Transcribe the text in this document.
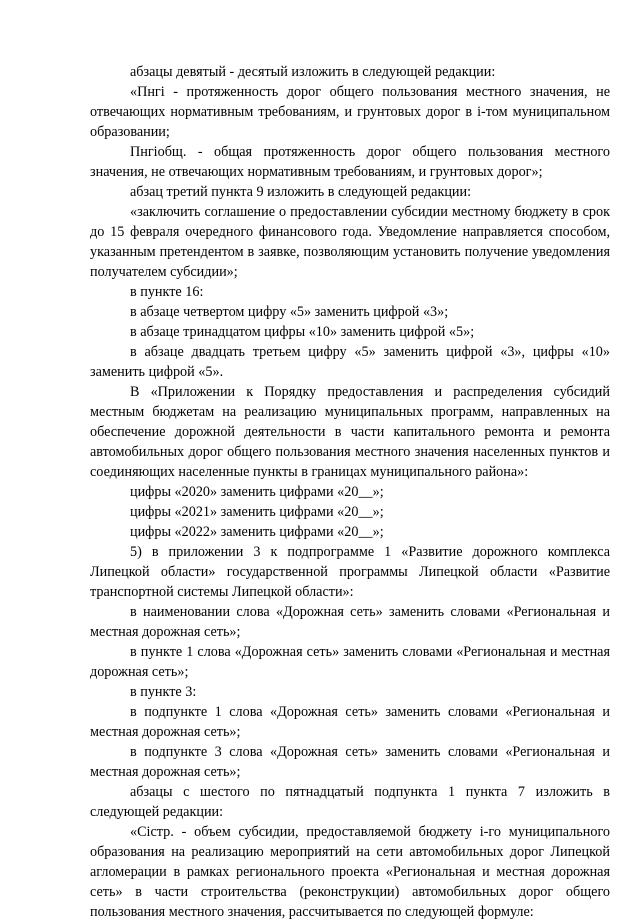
абзацы девятый - десятый изложить в следующей редакции:

«Пнгi - протяженность дорог общего пользования местного значения, не отвечающих нормативным требованиям, и грунтовых дорог в i-том муниципальном образовании;

Пнгiобщ. - общая протяженность дорог общего пользования местного значения, не отвечающих нормативным требованиям, и грунтовых дорог»;

абзац третий пункта 9 изложить в следующей редакции:

«заключить соглашение о предоставлении субсидии местному бюджету в срок до 15 февраля очередного финансового года. Уведомление направляется способом, указанным претендентом в заявке, позволяющим установить получение уведомления получателем субсидии»;

в пункте 16:

в абзаце четвертом цифру «5» заменить цифрой «3»;

в абзаце тринадцатом цифры «10» заменить цифрой «5»;

в абзаце двадцать третьем цифру «5» заменить цифрой «3», цифры «10» заменить цифрой «5».

В «Приложении к Порядку предоставления и распределения субсидий местным бюджетам на реализацию муниципальных программ, направленных на обеспечение дорожной деятельности в части капитального ремонта и ремонта автомобильных дорог общего пользования местного значения населенных пунктов и соединяющих населенные пункты в границах муниципального района»:

цифры «2020» заменить цифрами «20__»;

цифры «2021» заменить цифрами «20__»;

цифры «2022» заменить цифрами «20__»;

5) в приложении 3 к подпрограмме 1 «Развитие дорожного комплекса Липецкой области» государственной программы Липецкой области «Развитие транспортной системы Липецкой области»:

в наименовании слова «Дорожная сеть» заменить словами «Региональная и местная дорожная сеть»;

в пункте 1 слова «Дорожная сеть» заменить словами «Региональная и местная дорожная сеть»;

в пункте 3:

в подпункте 1 слова «Дорожная сеть» заменить словами «Региональная и местная дорожная сеть»;

в подпункте 3 слова «Дорожная сеть» заменить словами «Региональная и местная дорожная сеть»;

абзацы с шестого по пятнадцатый подпункта 1 пункта 7 изложить в следующей редакции:

«Сiстр. - объем субсидии, предоставляемой бюджету i-го муниципального образования на реализацию мероприятий на сети автомобильных дорог Липецкой агломерации в рамках регионального проекта «Региональная и местная дорожная сеть» в части строительства (реконструкции) автомобильных дорог общего пользования местного значения, рассчитывается по следующей формуле:
